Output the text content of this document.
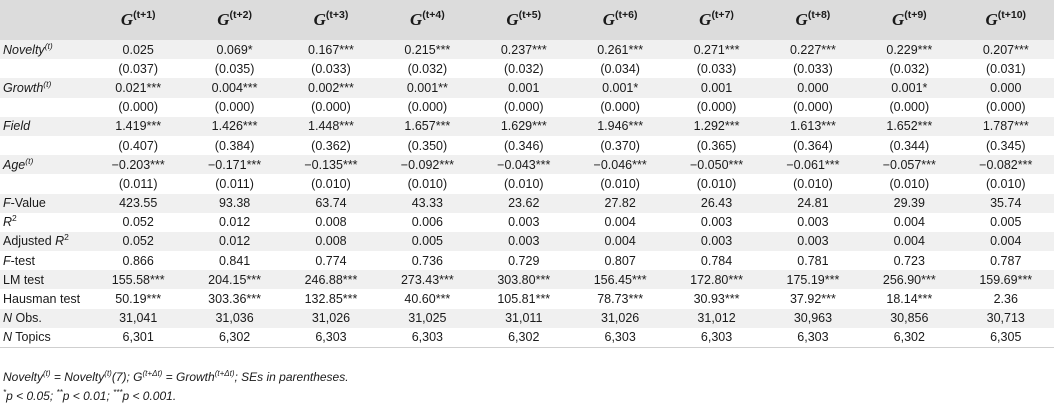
	$G^{(t+1)}$	$G^{(t+2)}$	$G^{(t+3)}$	$G^{(t+4)}$	$G^{(t+5)}$	$G^{(t+6)}$	$G^{(t+7)}$	$G^{(t+8)}$	$G^{(t+9)}$	$G^{(t+10)}$
Novelty$^{(t)}$	0.025	0.069*	0.167***	0.215***	0.237***	0.261***	0.271***	0.227***	0.229***	0.207***
	(0.037)	(0.035)	(0.033)	(0.032)	(0.032)	(0.034)	(0.033)	(0.033)	(0.032)	(0.031)
Growth$^{(t)}$	0.021***	0.004***	0.002***	0.001**	0.001	0.001*	0.001	0.000	0.001*	0.000
	(0.000)	(0.000)	(0.000)	(0.000)	(0.000)	(0.000)	(0.000)	(0.000)	(0.000)	(0.000)
Field	1.419***	1.426***	1.448***	1.657***	1.629***	1.946***	1.292***	1.613***	1.652***	1.787***
	(0.407)	(0.384)	(0.362)	(0.350)	(0.346)	(0.370)	(0.365)	(0.364)	(0.344)	(0.345)
Age$^{(t)}$	−0.203***	−0.171***	−0.135***	−0.092***	−0.043***	−0.046***	−0.050***	−0.061***	−0.057***	−0.082***
	(0.011)	(0.011)	(0.010)	(0.010)	(0.010)	(0.010)	(0.010)	(0.010)	(0.010)	(0.010)
F-Value	423.55	93.38	63.74	43.33	23.62	27.82	26.43	24.81	29.39	35.74
$R^2$	0.052	0.012	0.008	0.006	0.003	0.004	0.003	0.003	0.004	0.005
Adjusted $R^2$	0.052	0.012	0.008	0.005	0.003	0.004	0.003	0.003	0.004	0.004
F-test	0.866	0.841	0.774	0.736	0.729	0.807	0.784	0.781	0.723	0.787
LM test	155.58***	204.15***	246.88***	273.43***	303.80***	156.45***	172.80***	175.19***	256.90***	159.69***
Hausman test	50.19***	303.36***	132.85***	40.60***	105.81***	78.73***	30.93***	37.92***	18.14***	2.36
N Obs.	31,041	31,036	31,026	31,025	31,011	31,026	31,012	30,963	30,856	30,713
N Topics	6,301	6,302	6,303	6,303	6,302	6,303	6,303	6,303	6,302	6,305
Novelty$^{(t)}$ = Novelty$^{(t)}$(7); $G^{(t+\Delta t)}$ = Growth$^{(t+\Delta t)}$; SEs in parentheses.
*p < 0.05; **p < 0.01; ***p < 0.001.
